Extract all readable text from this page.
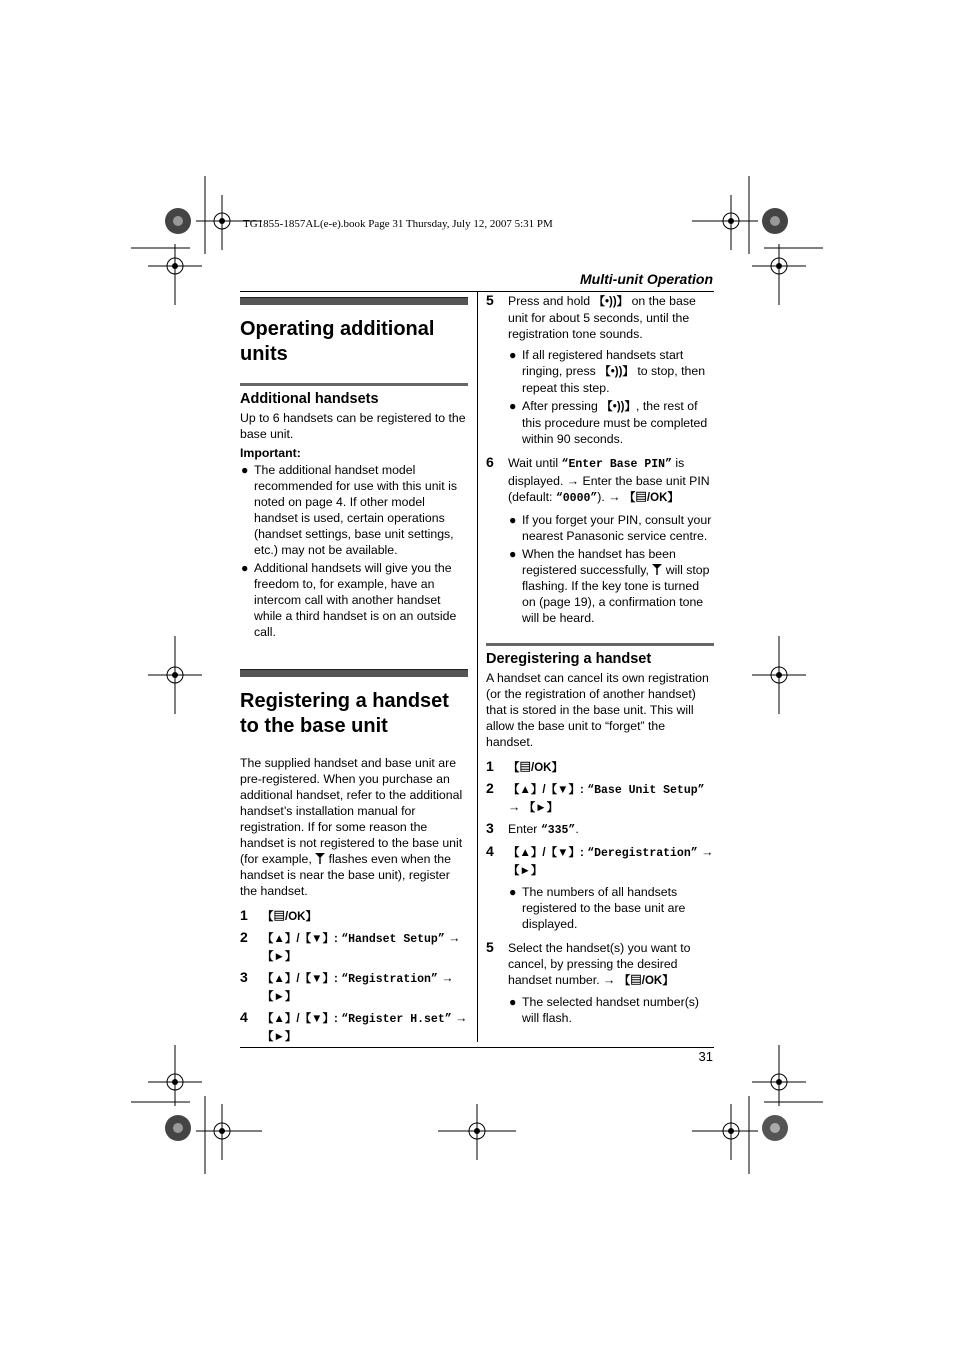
TG1855-1857AL(e-e).book Page 31 Thursday, July 12, 2007 5:31 PM
Multi-unit Operation
Operating additional units
Additional handsets
Up to 6 handsets can be registered to the base unit.
Important:
● The additional handset model recommended for use with this unit is noted on page 4. If other model handset is used, certain operations (handset settings, base unit settings, etc.) may not be available.
● Additional handsets will give you the freedom to, for example, have an intercom call with another handset while a third handset is on an outside call.
Registering a handset to the base unit
The supplied handset and base unit are pre-registered. When you purchase an additional handset, refer to the additional handset’s installation manual for registration. If for some reason the handset is not registered to the base unit (for example, flashes even when the handset is near the base unit), register the handset.
1 【▤/OK】
2 【▲】/【▼】: “Handset Setup” → 【►】
3 【▲】/【▼】: “Registration” → 【►】
4 【▲】/【▼】: “Register H.set” → 【►】
5 Press and hold 【•))】 on the base unit for about 5 seconds, until the registration tone sounds.
● If all registered handsets start ringing, press 【•))】 to stop, then repeat this step.
● After pressing 【•))】, the rest of this procedure must be completed within 90 seconds.
6 Wait until “Enter Base PIN” is displayed. → Enter the base unit PIN (default: “0000”). → 【▤/OK】
● If you forget your PIN, consult your nearest Panasonic service centre.
● When the handset has been registered successfully, will stop flashing. If the key tone is turned on (page 19), a confirmation tone will be heard.
Deregistering a handset
A handset can cancel its own registration (or the registration of another handset) that is stored in the base unit. This will allow the base unit to “forget” the handset.
1 【▤/OK】
2 【▲】/【▼】: “Base Unit Setup” → 【►】
3 Enter “335”.
4 【▲】/【▼】: “Deregistration” → 【►】
● The numbers of all handsets registered to the base unit are displayed.
5 Select the handset(s) you want to cancel, by pressing the desired handset number. → 【▤/OK】
● The selected handset number(s) will flash.
31
